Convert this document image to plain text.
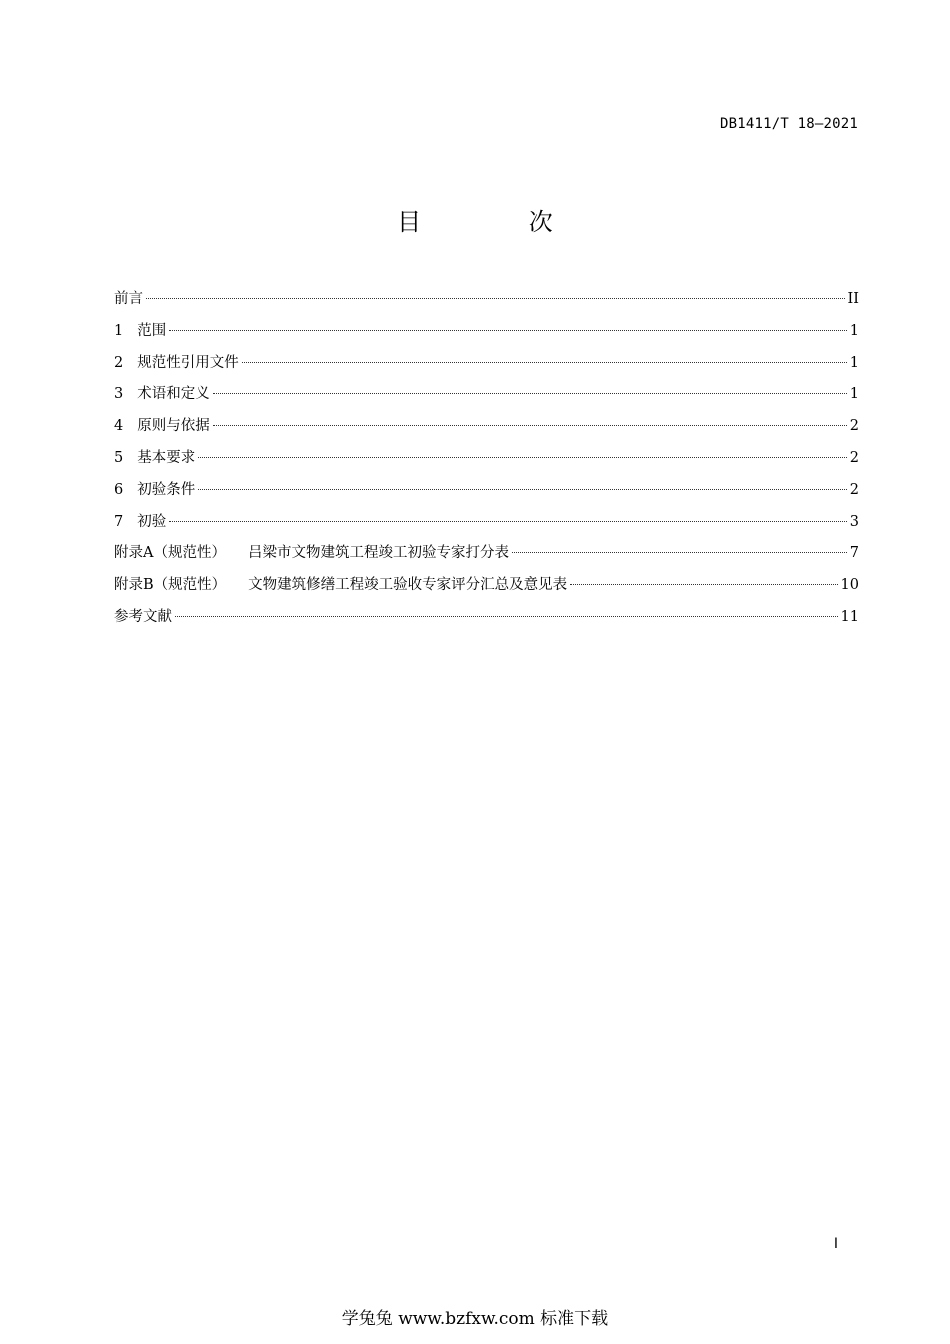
DB1411/T 18—2021
目 次
前言	II
1 范围	1
2 规范性引用文件	1
3 术语和定义	1
4 原则与依据	2
5 基本要求	2
6 初验条件	2
7 初验	3
附录A（规范性） 吕梁市文物建筑工程竣工初验专家打分表	7
附录B（规范性） 文物建筑修缮工程竣工验收专家评分汇总及意见表	10
参考文献	11
I
学兔兔 www.bzfxw.com 标准下载
